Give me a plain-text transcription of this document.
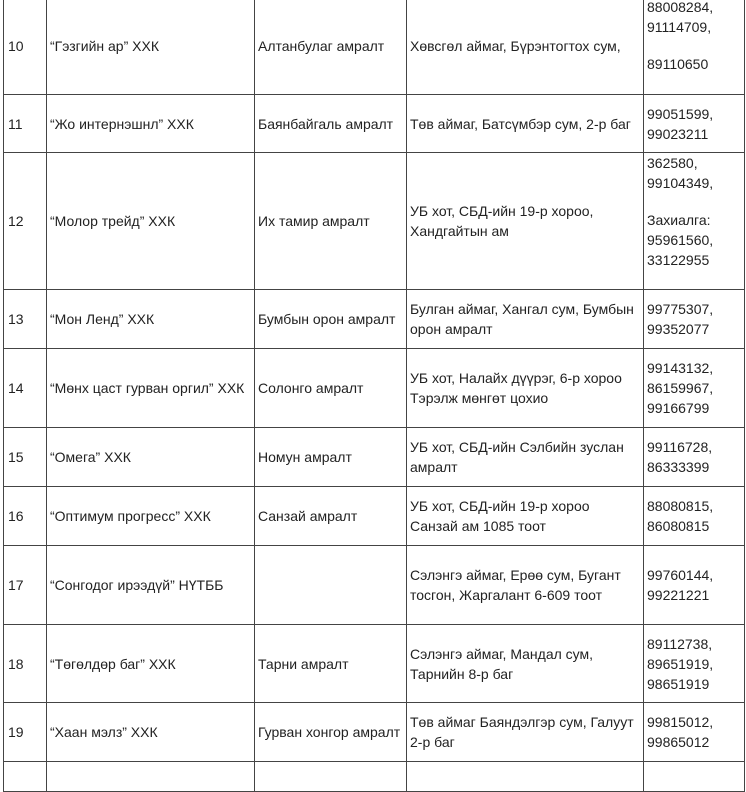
10	“Гэзгийн ар” ХХК	Алтанбулаг амралт	Хөвсгөл аймаг, Бүрэнтогтох сум,	88008284,
91114709,
89110650

11	“Жо интернэшнл” ХХК	Баянбайгаль амралт	Төв аймаг, Батсүмбэр сум, 2-р баг	99051599,
99023211

12	“Молор трейд” ХХК	Их тамир амралт	УБ хот, СБД-ийн 19-р хороо, Хандгайтын ам	362580,
99104349,
Захиалга:
95961560,
33122955

13	“Мон Ленд” ХХК	Бумбын орон амралт	Булган аймаг, Хангал сум, Бумбын орон амралт	99775307,
99352077

14	“Мөнх цаст гурван оргил” ХХК	Солонго амралт	УБ хот, Налайх дүүрэг, 6-р хороо Тэрэлж мөнгөт цохио	99143132,
86159967,
99166799

15	“Омега” ХХК	Номун амралт	УБ хот, СБД-ийн Сэлбийн зуслан амралт	99116728,
86333399

16	“Оптимум прогресс” ХХК	Санзай амралт	УБ хот, СБД-ийн 19-р хороо Санзай ам 1085 тоот	88080815,
86080815

17	“Сонгодог ирээдүй” НҮТББ		Сэлэнгэ аймаг, Ерөө сум, Бугант тосгон, Жаргалант 6-609 тоот	99760144,
99221221

18	“Төгөлдөр баг” ХХК	Тарни амралт	Сэлэнгэ аймаг, Мандал сум, Тарнийн 8-р баг	89112738,
89651919,
98651919

19	“Хаан мэлз” ХХК	Гурван хонгор амралт	Төв аймаг Баяндэлгэр сум, Галуут 2-р баг	99815012,
99865012
